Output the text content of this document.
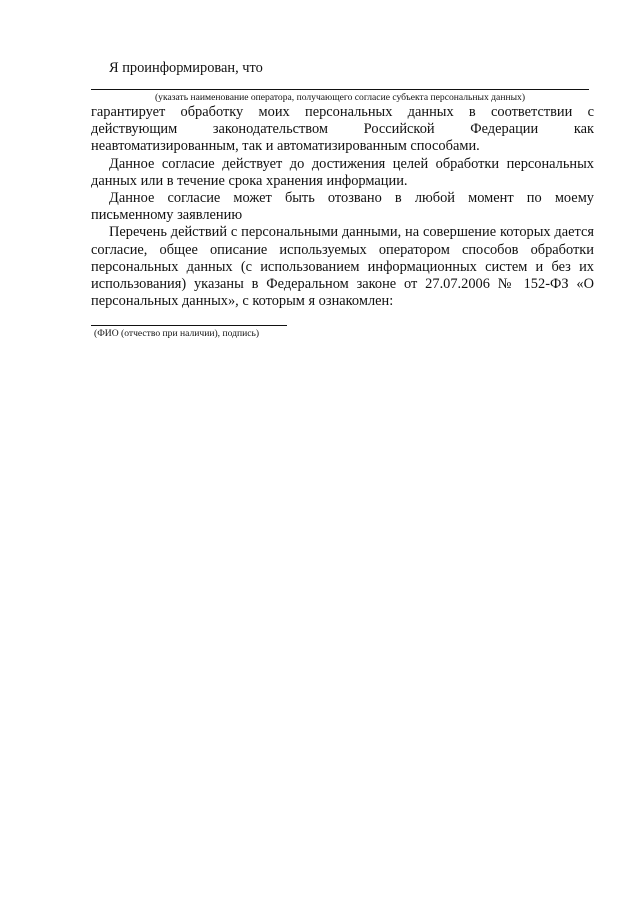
Я проинформирован, что

(указать наименование оператора, получающего согласие субъекта персональных данных)

гарантирует обработку моих персональных данных в соответствии с действующим законодательством Российской Федерации как неавтоматизированным, так и автоматизированным способами.

Данное согласие действует до достижения целей обработки персональных данных или в течение срока хранения информации.

Данное согласие может быть отозвано в любой момент по моему письменному заявлению

Перечень действий с персональными данными, на совершение которых дается согласие, общее описание используемых оператором способов обработки персональных данных (с использованием информационных систем и без их использования) указаны в Федеральном законе от 27.07.2006 № 152-ФЗ «О персональных данных», с которым я ознакомлен:

(ФИО (отчество при наличии), подпись)
